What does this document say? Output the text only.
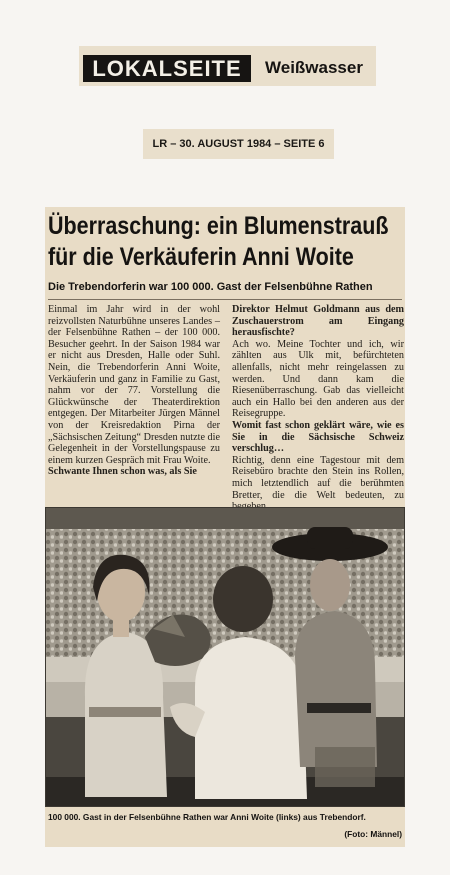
LOKALSEITE	Weißwasser
LR – 30. AUGUST 1984 – SEITE 6
Überraschung: ein Blumenstrauß
für die Verkäuferin Anni Woite
Die Trebendorferin war 100 000. Gast der Felsenbühne Rathen

Einmal im Jahr wird in der wohl reizvollsten Naturbühne unseres Landes – der Felsenbühne Rathen – der 100 000. Besucher geehrt. In der Saison 1984 war er nicht aus Dresden, Halle oder Suhl. Nein, die Trebendorferin Anni Woite, Verkäuferin und ganz in Familie zu Gast, nahm vor der 77. Vorstellung die Glückwünsche der Theaterdirektion entgegen. Der Mitarbeiter Jürgen Männel von der Kreisredaktion Pirna der „Sächsischen Zeitung“ Dresden nutzte die Gelegenheit in der Vorstellungspause zu einem kurzen Gespräch mit Frau Woite.

Schwante Ihnen schon was, als Sie

Direktor Helmut Goldmann aus dem Zuschauerstrom am Eingang herausfischte?

Ach wo. Meine Tochter und ich, wir zählten aus Ulk mit, befürchteten allenfalls, nicht mehr reingelassen zu werden. Und dann kam die Riesenüberraschung. Gab das vielleicht auch ein Hallo bei den anderen aus der Reisegruppe.

Womit fast schon geklärt wäre, wie es Sie in die Sächsische Schweiz verschlug…

Richtig, denn eine Tagestour mit dem Reisebüro brachte den Stein ins Rollen, mich letztendlich auf die berühmten Bretter, die die Welt bedeuten, zu

100 000. Gast in der Felsenbühne Rathen war Anni Woite (links) aus Trebendorf.
(Foto: Männel)
